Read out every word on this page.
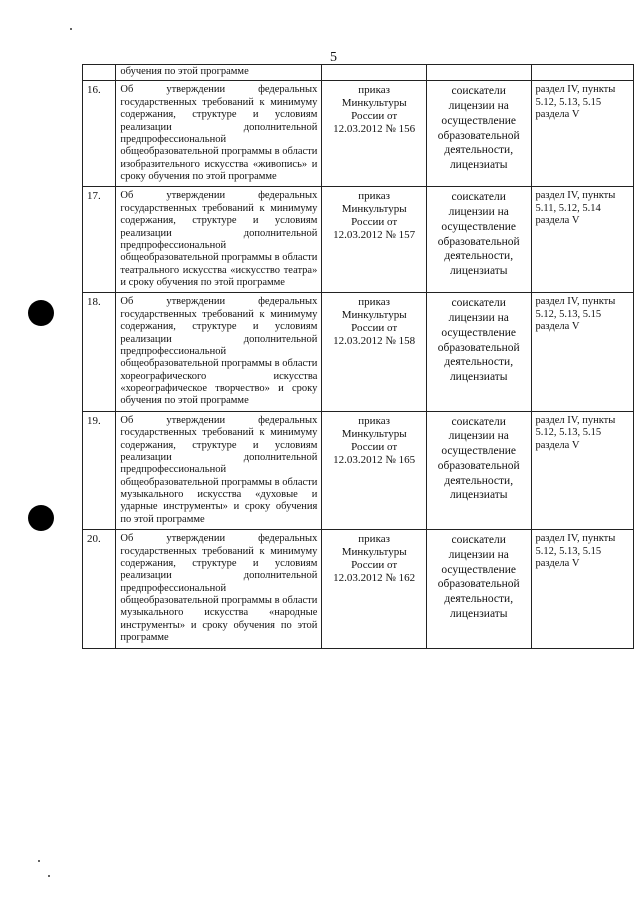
5
	обучения по этой программе			
16.	Об утверждении федеральных государственных требований к минимуму содержания, структуре и условиям реализации дополнительной предпрофессиональной общеобразовательной программы в области изобразительного искусства «живопись» и сроку обучения по этой программе	приказ Минкультуры России от 12.03.2012 № 156	соискатели лицензии на осуществление образовательной деятельности, лицензиаты	раздел IV, пункты 5.12, 5.13, 5.15 раздела V
17.	Об утверждении федеральных государственных требований к минимуму содержания, структуре и условиям реализации дополнительной предпрофессиональной общеобразовательной программы в области театрального искусства «искусство театра» и сроку обучения по этой программе	приказ Минкультуры России от 12.03.2012 № 157	соискатели лицензии на осуществление образовательной деятельности, лицензиаты	раздел IV, пункты 5.11, 5.12, 5.14 раздела V
18.	Об утверждении федеральных государственных требований к минимуму содержания, структуре и условиям реализации дополнительной предпрофессиональной общеобразовательной программы в области хореографического искусства «хореографическое творчество» и сроку обучения по этой программе	приказ Минкультуры России от 12.03.2012 № 158	соискатели лицензии на осуществление образовательной деятельности, лицензиаты	раздел IV, пункты 5.12, 5.13, 5.15 раздела V
19.	Об утверждении федеральных государственных требований к минимуму содержания, структуре и условиям реализации дополнительной предпрофессиональной общеобразовательной программы в области музыкального искусства «духовые и ударные инструменты» и сроку обучения по этой программе	приказ Минкультуры России от 12.03.2012 № 165	соискатели лицензии на осуществление образовательной деятельности, лицензиаты	раздел IV, пункты 5.12, 5.13, 5.15 раздела V
20.	Об утверждении федеральных государственных требований к минимуму содержания, структуре и условиям реализации дополнительной предпрофессиональной общеобразовательной программы в области музыкального искусства «народные инструменты» и сроку обучения по этой программе	приказ Минкультуры России от 12.03.2012 № 162	соискатели лицензии на осуществление образовательной деятельности, лицензиаты	раздел IV, пункты 5.12, 5.13, 5.15 раздела V
